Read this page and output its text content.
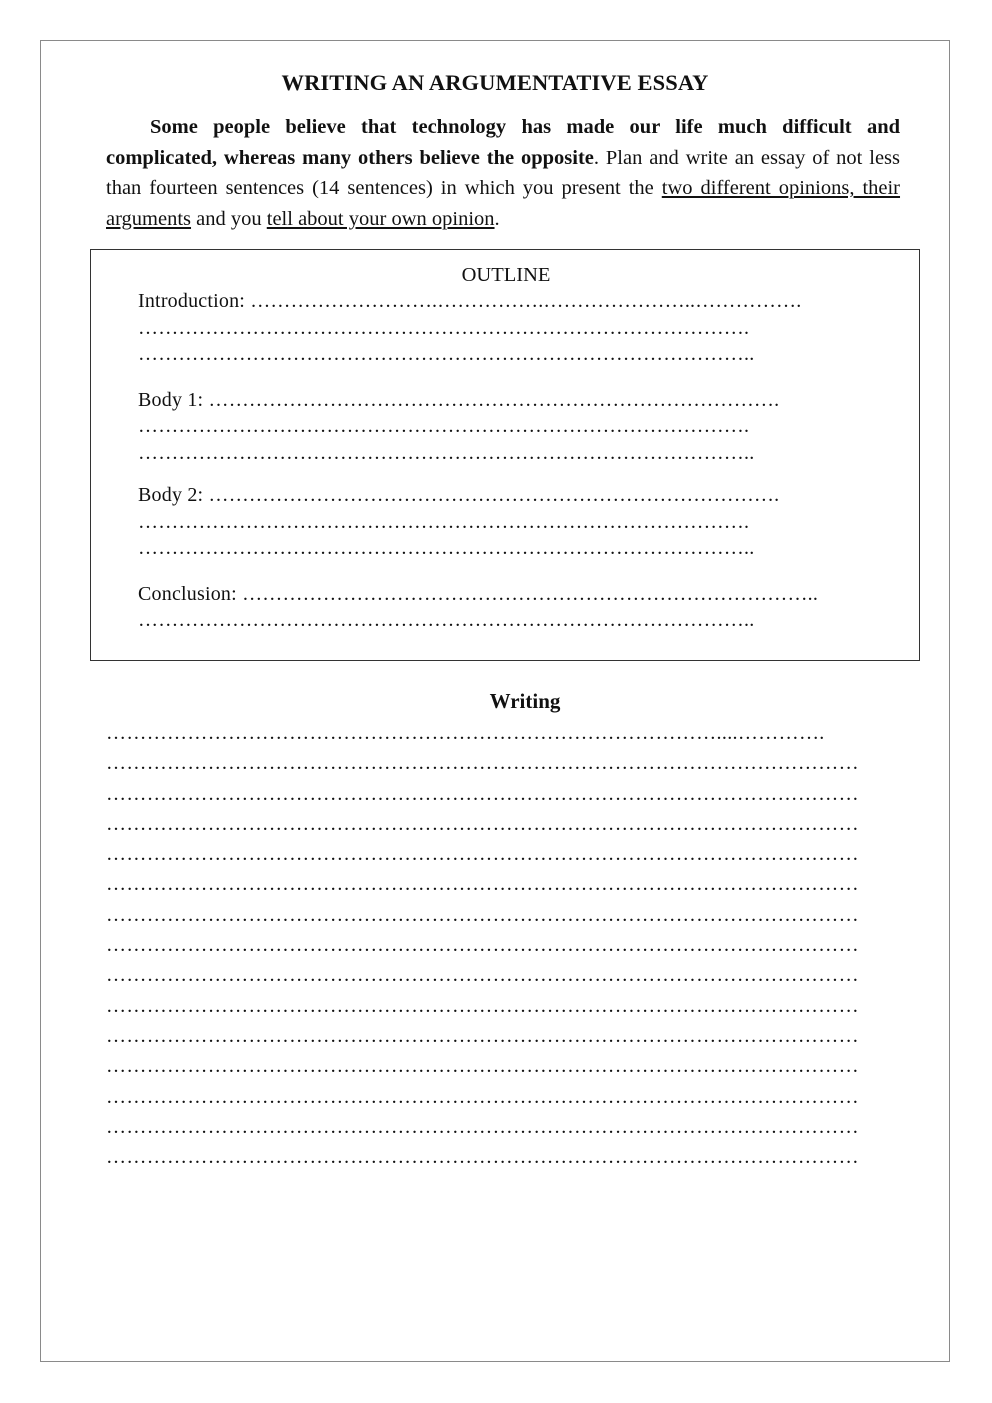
WRITING AN ARGUMENTATIVE ESSAY

Some people believe that technology has made our life much difficult and complicated, whereas many others believe the opposite. Plan and write an essay of not less than fourteen sentences (14 sentences) in which you present the two different opinions, their arguments and you tell about your own opinion.

OUTLINE
Introduction: ……………………….…………….…………………..…………….
……………………………………………………………………………….
………………………………………………………………………………..
Body 1: ………………………………………………………………………….
……………………………………………………………………………….
………………………………………………………………………………..
Body 2: ………………………………………………………………………….
……………………………………………………………………………….
………………………………………………………………………………..
Conclusion: …………………………………………………………………………..
………………………………………………………………………………..
Writing
………………………………………………………………………………....………….
…………………………………………………………………………………………………
…………………………………………………………………………………………………
…………………………………………………………………………………………………
…………………………………………………………………………………………………
…………………………………………………………………………………………………
…………………………………………………………………………………………………
…………………………………………………………………………………………………
…………………………………………………………………………………………………
…………………………………………………………………………………………………
…………………………………………………………………………………………………
…………………………………………………………………………………………………
…………………………………………………………………………………………………
…………………………………………………………………………………………………
…………………………………………………………………………………………………
